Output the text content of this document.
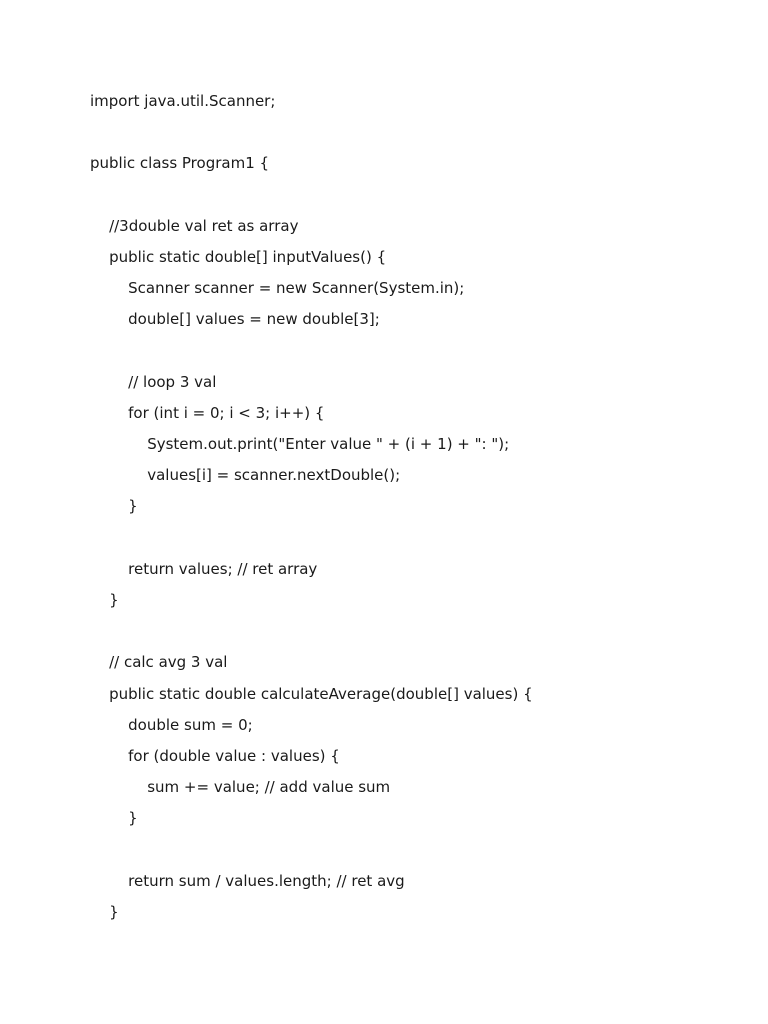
import java.util.Scanner;
public class Program1 {
//3double val ret as array
public static double[] inputValues() {
Scanner scanner = new Scanner(System.in);
double[] values = new double[3];
// loop 3 val
for (int i = 0; i < 3; i++) {
System.out.print("Enter value " + (i + 1) + ": ");
values[i] = scanner.nextDouble();
}
return values; // ret array
}
// calc avg 3 val
public static double calculateAverage(double[] values) {
double sum = 0;
for (double value : values) {
sum += value; // add value sum
}
return sum / values.length; // ret avg
}
